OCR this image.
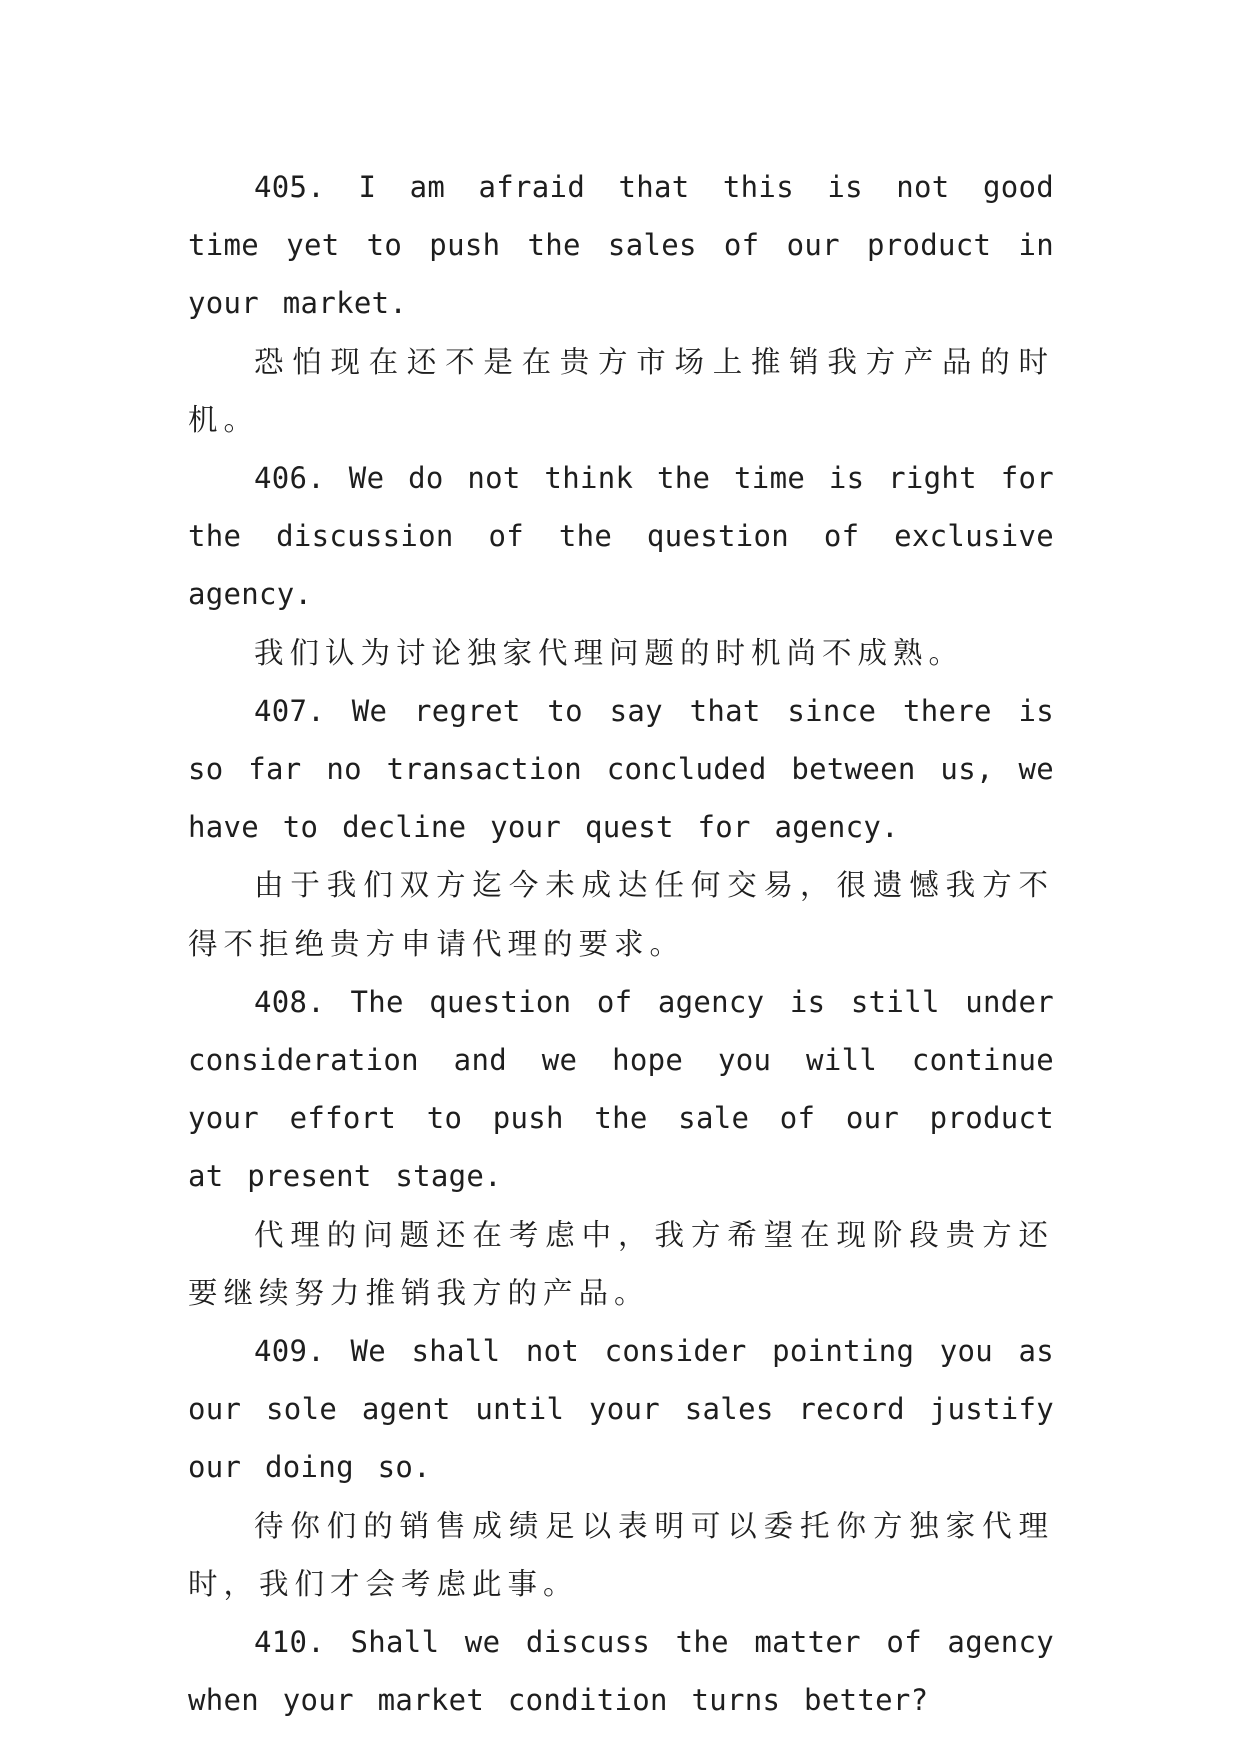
405. I am afraid that this is not good time yet to push the sales of our product in your market.

恐怕现在还不是在贵方市场上推销我方产品的时机。

406. We do not think the time is right for the discussion of the question of exclusive agency.

我们认为讨论独家代理问题的时机尚不成熟。

407. We regret to say that since there is so far no transaction concluded between us, we have to decline your quest for agency.

由于我们双方迄今未成达任何交易，很遗憾我方不得不拒绝贵方申请代理的要求。

408. The question of agency is still under consideration and we hope you will continue your effort to push the sale of our product at present stage.

代理的问题还在考虑中，我方希望在现阶段贵方还要继续努力推销我方的产品。

409. We shall not consider pointing you as our sole agent until your sales record justify our doing so.

待你们的销售成绩足以表明可以委托你方独家代理时，我们才会考虑此事。

410. Shall we discuss the matter of agency when your market condition turns better?
